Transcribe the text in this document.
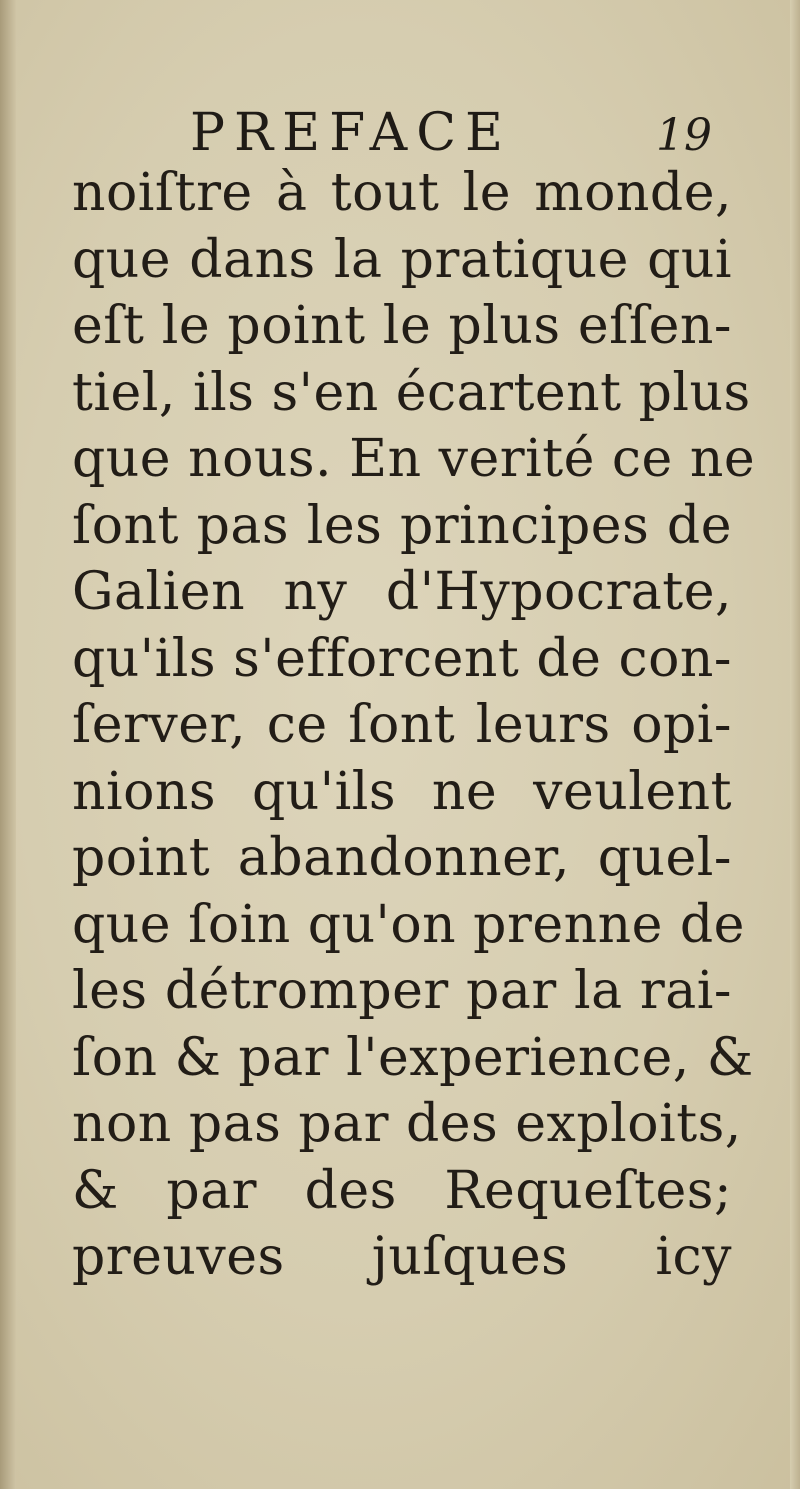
PREFACE	19
noiſtre à tout le monde,
que dans la pratique qui
eſt le point le plus eſſen-
tiel, ils s'en écartent plus
que nous. En verité ce ne
ſont pas les principes de
Galien ny d'Hypocrate,
qu'ils s'efforcent de con-
ſerver, ce ſont leurs opi-
nions qu'ils ne veulent
point abandonner, quel-
que ſoin qu'on prenne de
les détromper par la rai-
ſon & par l'experience, &
non pas par des exploits,
& par des Requeſtes;
preuves juſques icy
